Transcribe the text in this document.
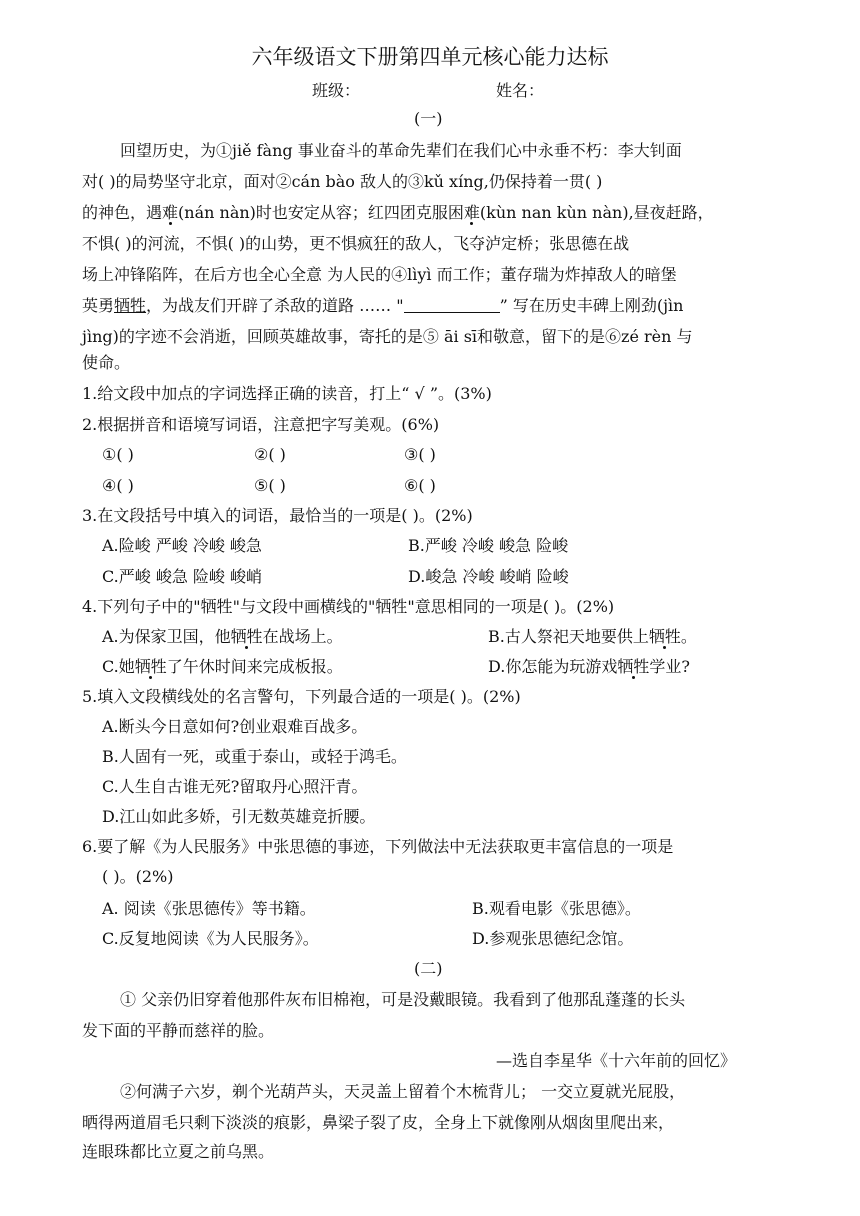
六年级语文下册第四单元核心能力达标
班级：	姓名：
(一)
回望历史，为①jiě fàng 事业奋斗的革命先辈们在我们心中永垂不朽：李大钊面
对( )的局势坚守北京，面对②cán bào 敌人的③kǔ xíng,仍保持着一贯( )
的神色，遇难(nán nàn)时也安定从容；红四团克服困难(kùn nan kùn nàn),昼夜赶路，
不惧( )的河流，不惧( )的山势，更不惧疯狂的敌人，飞夺泸定桥；张思德在战
场上冲锋陷阵，在后方也全心全意 为人民的④lìyì 而工作；董存瑞为炸掉敌人的暗堡
英勇牺牲，为战友们开辟了杀敌的道路 …… "	” 写在历史丰碑上刚劲(jìn
jìng)的字迹不会消逝，回顾英雄故事，寄托的是⑤ āi sī和敬意，留下的是⑥zé rèn 与
使命。
1.给文段中加点的字词选择正确的读音，打上“ √ ”。(3%)
2.根据拼音和语境写词语，注意把字写美观。(6%)
①( )	②( )	③( )
④( )	⑤( )	⑥( )
3.在文段括号中填入的词语，最恰当的一项是( )。(2%)
A.险峻 严峻 冷峻 峻急	B.严峻 冷峻 峻急 险峻
C.严峻 峻急 险峻 峻峭	D.峻急 冷峻 峻峭 险峻
4.下列句子中的"牺牲"与文段中画横线的"牺牲"意思相同的一项是( )。(2%)
A.为保家卫国，他牺牲在战场上。	B.古人祭祀天地要供上牺牲。
C.她牺牲了午休时间来完成板报。	D.你怎能为玩游戏牺牲学业?
5.填入文段横线处的名言警句，下列最合适的一项是( )。(2%)
A.断头今日意如何?创业艰难百战多。
B.人固有一死，或重于泰山，或轻于鸿毛。
C.人生自古谁无死?留取丹心照汗青。
D.江山如此多娇，引无数英雄竞折腰。
6.要了解《为人民服务》中张思德的事迹，下列做法中无法获取更丰富信息的一项是
( )。(2%)
A. 阅读《张思德传》等书籍。	B.观看电影《张思德》。
C.反复地阅读《为人民服务》。	D.参观张思德纪念馆。
(二)
① 父亲仍旧穿着他那件灰布旧棉袍，可是没戴眼镜。我看到了他那乱蓬蓬的长头
发下面的平静而慈祥的脸。
—选自李星华《十六年前的回忆》
②何满子六岁，剃个光葫芦头，天灵盖上留着个木梳背儿； 一交立夏就光屁股，
晒得两道眉毛只剩下淡淡的痕影，鼻梁子裂了皮，全身上下就像刚从烟囱里爬出来，
连眼珠都比立夏之前乌黑。
